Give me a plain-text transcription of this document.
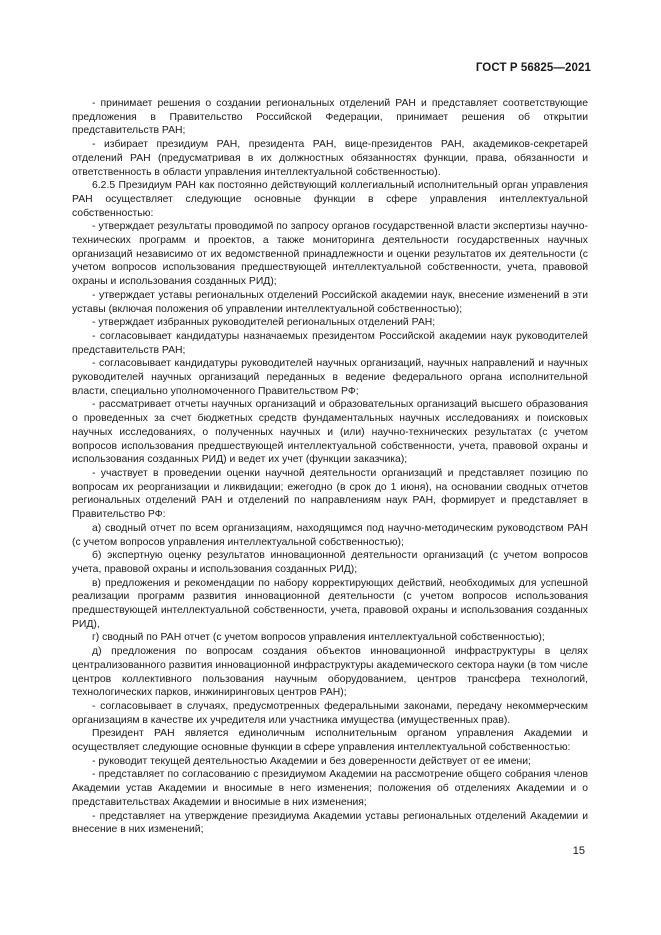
ГОСТ Р 56825—2021

- принимает решения о создании региональных отделений РАН и представляет соответствующие предложения в Правительство Российской Федерации, принимает решения об открытии представительств РАН;

- избирает президиум РАН, президента РАН, вице-президентов РАН, академиков-секретарей отделений РАН (предусматривая в их должностных обязанностях функции, права, обязанности и ответственность в области управления интеллектуальной собственностью).

6.2.5 Президиум РАН как постоянно действующий коллегиальный исполнительный орган управления РАН осуществляет следующие основные функции в сфере управления интеллектуальной собственностью:

- утверждает результаты проводимой по запросу органов государственной власти экспертизы научно-технических программ и проектов, а также мониторинга деятельности государственных научных организаций независимо от их ведомственной принадлежности и оценки результатов их деятельности (с учетом вопросов использования предшествующей интеллектуальной собственности, учета, правовой охраны и использования созданных РИД);

- утверждает уставы региональных отделений Российской академии наук, внесение изменений в эти уставы (включая положения об управлении интеллектуальной собственностью);

- утверждает избранных руководителей региональных отделений РАН;

- согласовывает кандидатуры назначаемых президентом Российской академии наук руководителей представительств РАН;

- согласовывает кандидатуры руководителей научных организаций, научных направлений и научных руководителей научных организаций переданных в ведение федерального органа исполнительной власти, специально уполномоченного Правительством РФ;

- рассматривает отчеты научных организаций и образовательных организаций высшего образования о проведенных за счет бюджетных средств фундаментальных научных исследованиях и поисковых научных исследованиях, о полученных научных и (или) научно-технических результатах (с учетом вопросов использования предшествующей интеллектуальной собственности, учета, правовой охраны и использования созданных РИД) и ведет их учет (функции заказчика);

- участвует в проведении оценки научной деятельности организаций и представляет позицию по вопросам их реорганизации и ликвидации; ежегодно (в срок до 1 июня), на основании сводных отчетов региональных отделений РАН и отделений по направлениям наук РАН, формирует и представляет в Правительство РФ:

а) сводный отчет по всем организациям, находящимся под научно-методическим руководством РАН (с учетом вопросов управления интеллектуальной собственностью);

б) экспертную оценку результатов инновационной деятельности организаций (с учетом вопросов учета, правовой охраны и использования созданных РИД);

в) предложения и рекомендации по набору корректирующих действий, необходимых для успешной реализации программ развития инновационной деятельности (с учетом вопросов использования предшествующей интеллектуальной собственности, учета, правовой охраны и использования созданных РИД),

г) сводный по РАН отчет (с учетом вопросов управления интеллектуальной собственностью);

д) предложения по вопросам создания объектов инновационной инфраструктуры в целях централизованного развития инновационной инфраструктуры академического сектора науки (в том числе центров коллективного пользования научным оборудованием, центров трансфера технологий, технологических парков, инжиниринговых центров РАН);

- согласовывает в случаях, предусмотренных федеральными законами, передачу некоммерческим организациям в качестве их учредителя или участника имущества (имущественных прав).

Президент РАН является единоличным исполнительным органом управления Академии и осуществляет следующие основные функции в сфере управления интеллектуальной собственностью:

- руководит текущей деятельностью Академии и без доверенности действует от ее имени;

- представляет по согласованию с президиумом Академии на рассмотрение общего собрания членов Академии устав Академии и вносимые в него изменения; положения об отделениях Академии и о представительствах Академии и вносимые в них изменения;

- представляет на утверждение президиума Академии уставы региональных отделений Академии и внесение в них изменений;

15
